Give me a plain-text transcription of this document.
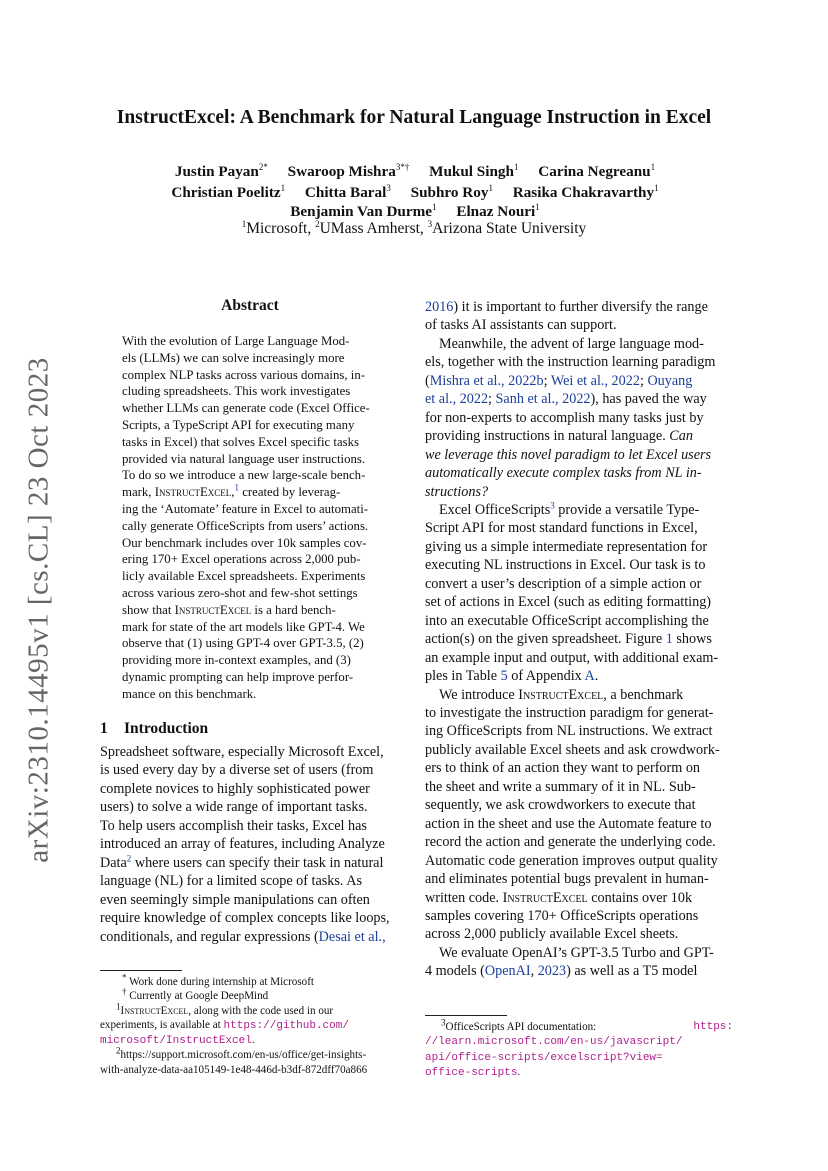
arXiv:2310.14495v1 [cs.CL] 23 Oct 2023
InstructExcel: A Benchmark for Natural Language Instruction in Excel
Justin Payan$^{2*}$ Swaroop Mishra$^{3*\dagger}$ Mukul Singh$^1$ Carina Negreanu$^1$
Christian Poelitz$^1$ Chitta Baral$^3$ Subhro Roy$^1$ Rasika Chakravarthy$^1$
Benjamin Van Durme$^1$ Elnaz Nouri$^1$
$^1$Microsoft, $^2$UMass Amherst, $^3$Arizona State University
Abstract
With the evolution of Large Language Mod-
els (LLMs) we can solve increasingly more
complex NLP tasks across various domains, in-
cluding spreadsheets. This work investigates
whether LLMs can generate code (Excel Office-
Scripts, a TypeScript API for executing many
tasks in Excel) that solves Excel specific tasks
provided via natural language user instructions.
To do so we introduce a new large-scale bench-
mark, InstructExcel,$^1$ created by leverag-
ing the ‘Automate’ feature in Excel to automati-
cally generate OfficeScripts from users’ actions.
Our benchmark includes over 10k samples cov-
ering 170+ Excel operations across 2,000 pub-
licly available Excel spreadsheets. Experiments
across various zero-shot and few-shot settings
show that InstructExcel is a hard bench-
mark for state of the art models like GPT-4. We
observe that (1) using GPT-4 over GPT-3.5, (2)
providing more in-context examples, and (3)
dynamic prompting can help improve perfor-
mance on this benchmark.
1 Introduction
Spreadsheet software, especially Microsoft Excel,
is used every day by a diverse set of users (from
complete novices to highly sophisticated power
users) to solve a wide range of important tasks.
To help users accomplish their tasks, Excel has
introduced an array of features, including Analyze
Data$^2$ where users can specify their task in natural
language (NL) for a limited scope of tasks. As
even seemingly simple manipulations can often
require knowledge of complex concepts like loops,
conditionals, and regular expressions (Desai et al.,
* Work done during internship at Microsoft
† Currently at Google DeepMind
$^1$InstructExcel, along with the code used in our
experiments, is available at https://github.com/
microsoft/InstructExcel.
$^2$https://support.microsoft.com/en-us/office/get-insights-
with-analyze-data-aa105149-1e48-446d-b3df-872dff70a866
2016) it is important to further diversify the range
of tasks AI assistants can support.
Meanwhile, the advent of large language mod-
els, together with the instruction learning paradigm
(Mishra et al., 2022b; Wei et al., 2022; Ouyang
et al., 2022; Sanh et al., 2022), has paved the way
for non-experts to accomplish many tasks just by
providing instructions in natural language. Can
we leverage this novel paradigm to let Excel users
automatically execute complex tasks from NL in-
structions?
Excel OfficeScripts$^3$ provide a versatile Type-
Script API for most standard functions in Excel,
giving us a simple intermediate representation for
executing NL instructions in Excel. Our task is to
convert a user’s description of a simple action or
set of actions in Excel (such as editing formatting)
into an executable OfficeScript accomplishing the
action(s) on the given spreadsheet. Figure 1 shows
an example input and output, with additional exam-
ples in Table 5 of Appendix A.
We introduce InstructExcel, a benchmark
to investigate the instruction paradigm for generat-
ing OfficeScripts from NL instructions. We extract
publicly available Excel sheets and ask crowdwork-
ers to think of an action they want to perform on
the sheet and write a summary of it in NL. Sub-
sequently, we ask crowdworkers to execute that
action in the sheet and use the Automate feature to
record the action and generate the underlying code.
Automatic code generation improves output quality
and eliminates potential bugs prevalent in human-
written code. InstructExcel contains over 10k
samples covering 170+ OfficeScripts operations
across 2,000 publicly available Excel sheets.
We evaluate OpenAI’s GPT-3.5 Turbo and GPT-
4 models (OpenAI, 2023) as well as a T5 model
$^3$OfficeScripts API documentation:	https:
//learn.microsoft.com/en-us/javascript/
api/office-scripts/excelscript?view=
office-scripts.
